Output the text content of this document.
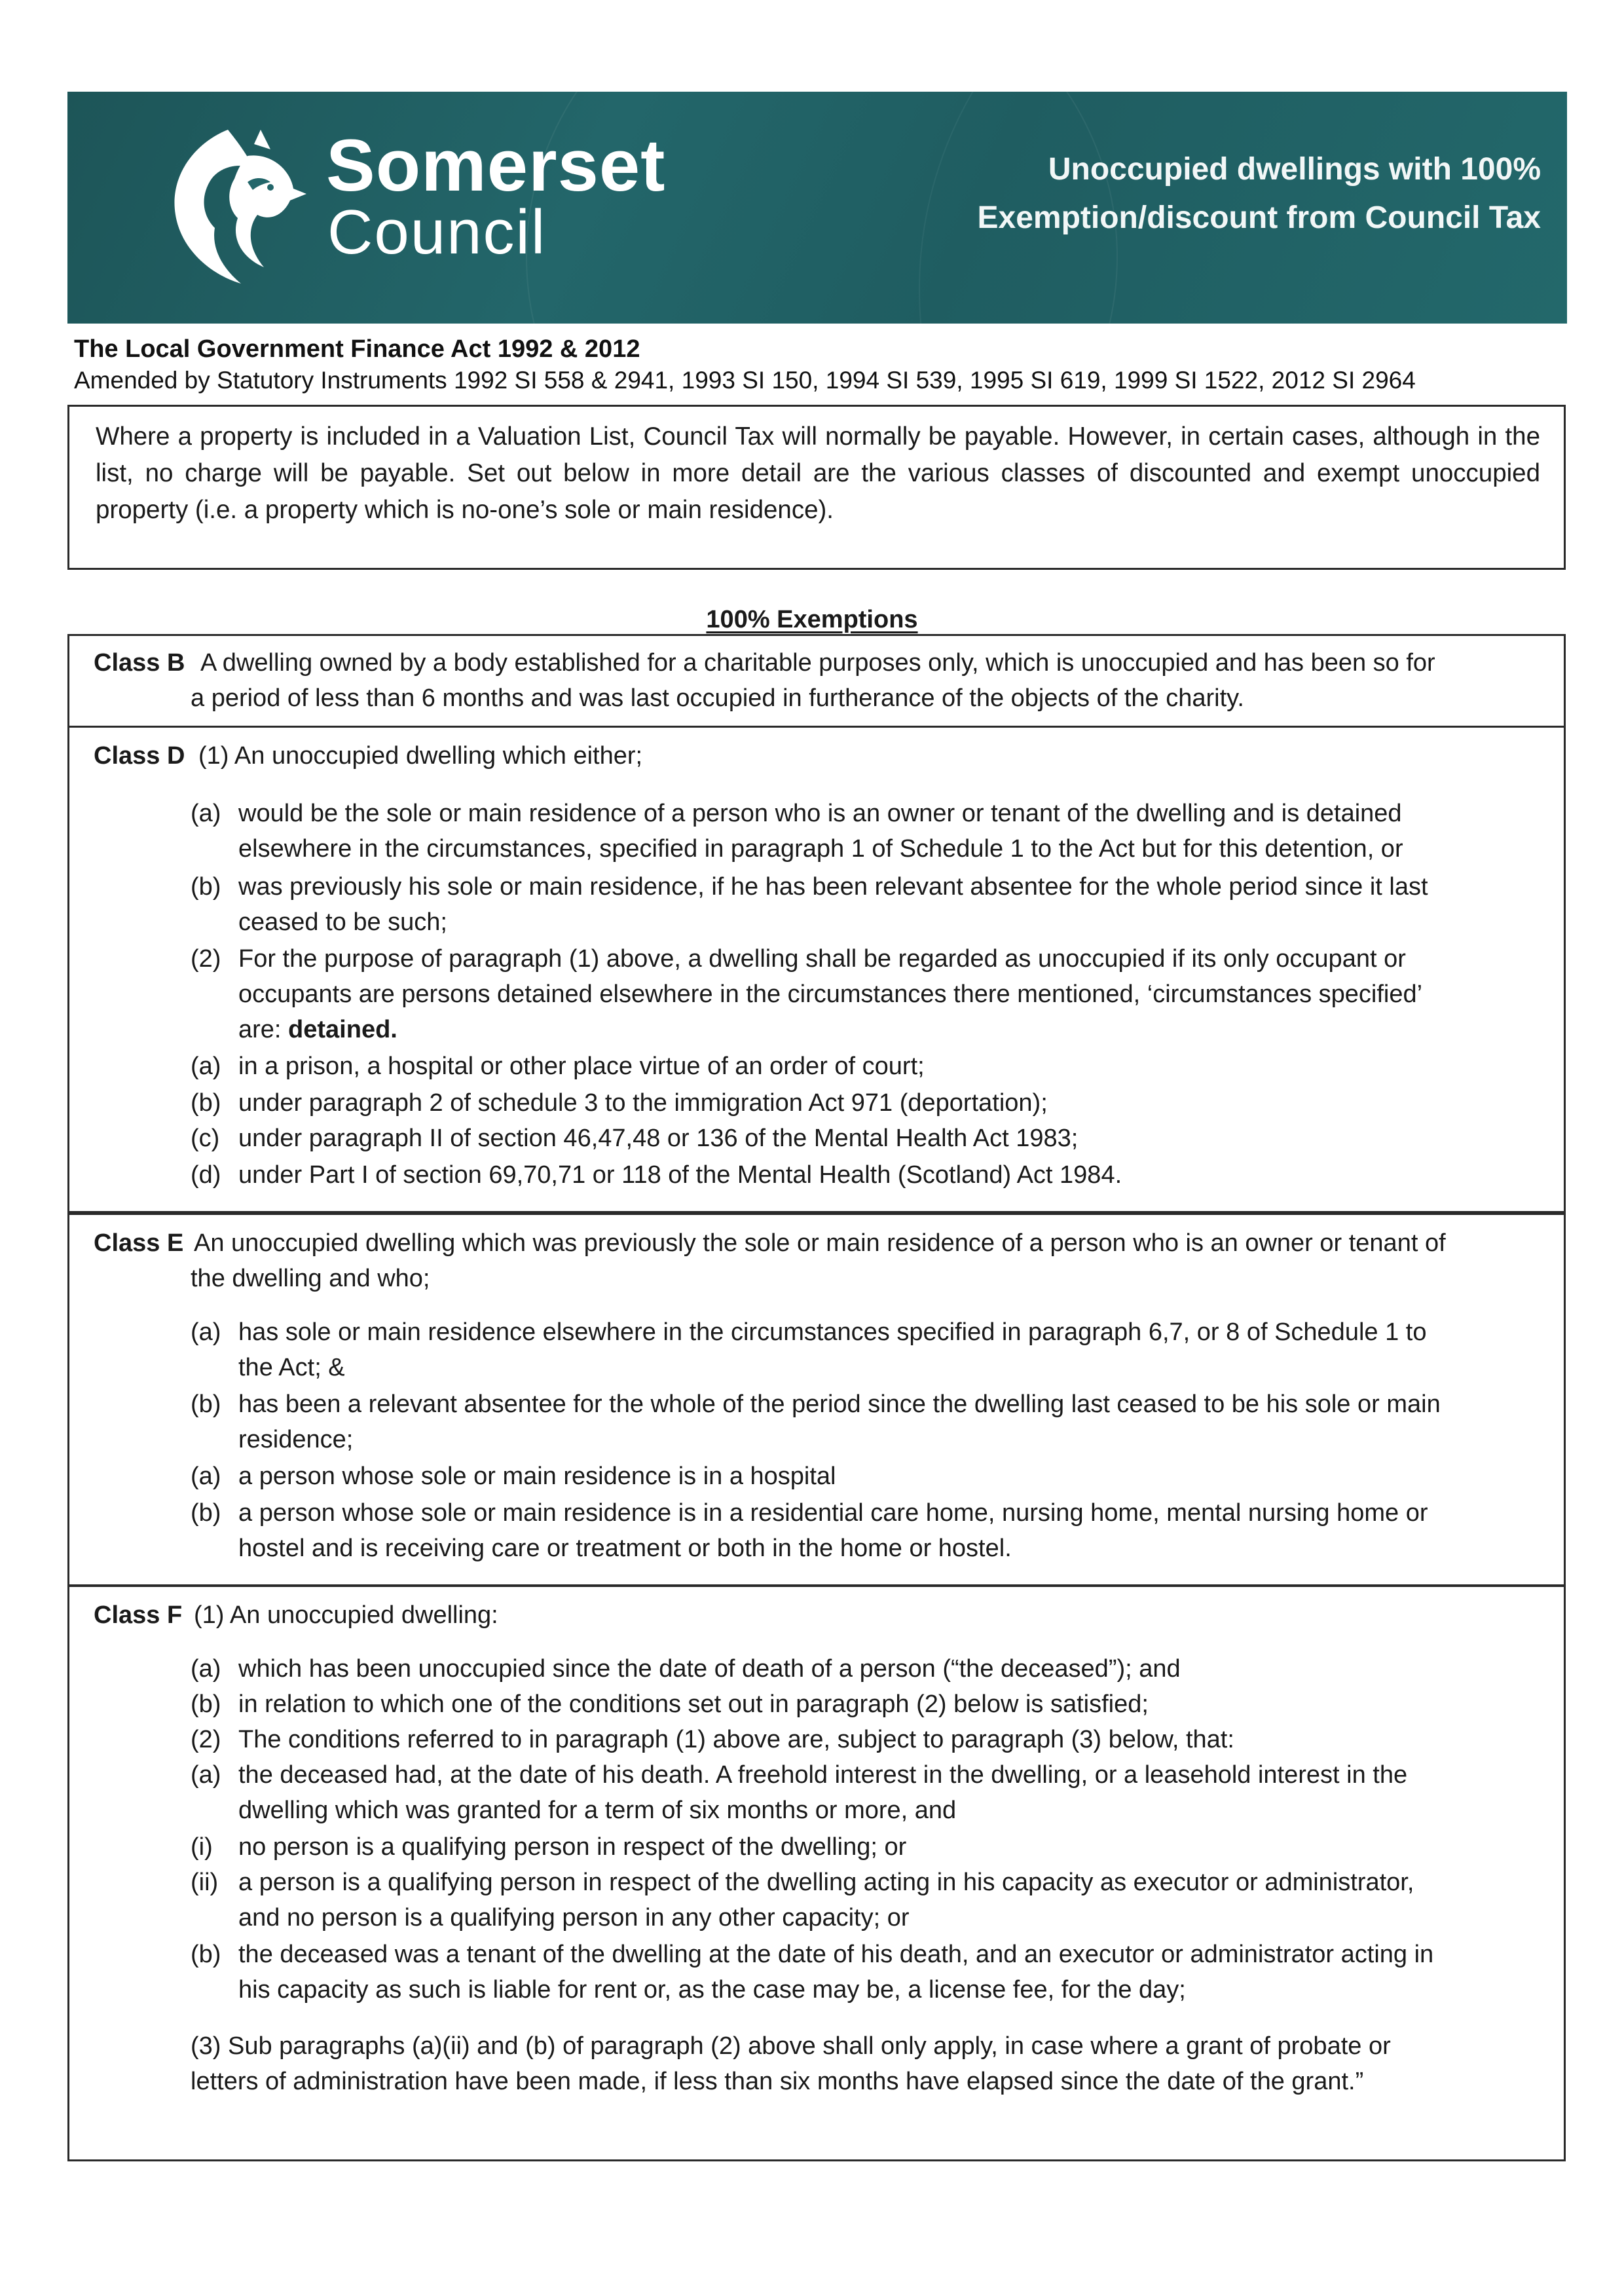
Somerset
Council
Unoccupied dwellings with 100%
Exemption/discount from Council Tax
The Local Government Finance Act 1992 & 2012
Amended by Statutory Instruments 1992 SI 558 & 2941, 1993 SI 150, 1994 SI 539, 1995 SI 619, 1999 SI 1522, 2012 SI 2964
Where a property is included in a Valuation List, Council Tax will normally be payable. However, in certain cases, although in the list, no charge will be payable. Set out below in more detail are the various classes of discounted and exempt unoccupied property (i.e. a property which is no-one’s sole or main residence).
100% Exemptions
Class B A dwelling owned by a body established for a charitable purposes only, which is unoccupied and has been so for
a period of less than 6 months and was last occupied in furtherance of the objects of the charity.
Class D (1) An unoccupied dwelling which either;
(a) would be the sole or main residence of a person who is an owner or tenant of the dwelling and is detained
elsewhere in the circumstances, specified in paragraph 1 of Schedule 1 to the Act but for this detention, or
(b) was previously his sole or main residence, if he has been relevant absentee for the whole period since it last
ceased to be such;
(2) For the purpose of paragraph (1) above, a dwelling shall be regarded as unoccupied if its only occupant or
occupants are persons detained elsewhere in the circumstances there mentioned, ‘circumstances specified’
are: detained.
(a) in a prison, a hospital or other place virtue of an order of court;
(b) under paragraph 2 of schedule 3 to the immigration Act 971 (deportation);
(c) under paragraph II of section 46,47,48 or 136 of the Mental Health Act 1983;
(d) under Part I of section 69,70,71 or 118 of the Mental Health (Scotland) Act 1984.
Class E An unoccupied dwelling which was previously the sole or main residence of a person who is an owner or tenant of
the dwelling and who;
(a) has sole or main residence elsewhere in the circumstances specified in paragraph 6,7, or 8 of Schedule 1 to
the Act; &
(b) has been a relevant absentee for the whole of the period since the dwelling last ceased to be his sole or main
residence;
(a) a person whose sole or main residence is in a hospital
(b) a person whose sole or main residence is in a residential care home, nursing home, mental nursing home or
hostel and is receiving care or treatment or both in the home or hostel.
Class F (1) An unoccupied dwelling:
(a) which has been unoccupied since the date of death of a person (“the deceased”); and
(b) in relation to which one of the conditions set out in paragraph (2) below is satisfied;
(2) The conditions referred to in paragraph (1) above are, subject to paragraph (3) below, that:
(a) the deceased had, at the date of his death. A freehold interest in the dwelling, or a leasehold interest in the
dwelling which was granted for a term of six months or more, and
(i) no person is a qualifying person in respect of the dwelling; or
(ii) a person is a qualifying person in respect of the dwelling acting in his capacity as executor or administrator,
and no person is a qualifying person in any other capacity; or
(b) the deceased was a tenant of the dwelling at the date of his death, and an executor or administrator acting in
his capacity as such is liable for rent or, as the case may be, a license fee, for the day;
(3) Sub paragraphs (a)(ii) and (b) of paragraph (2) above shall only apply, in case where a grant of probate or
letters of administration have been made, if less than six months have elapsed since the date of the grant.”
